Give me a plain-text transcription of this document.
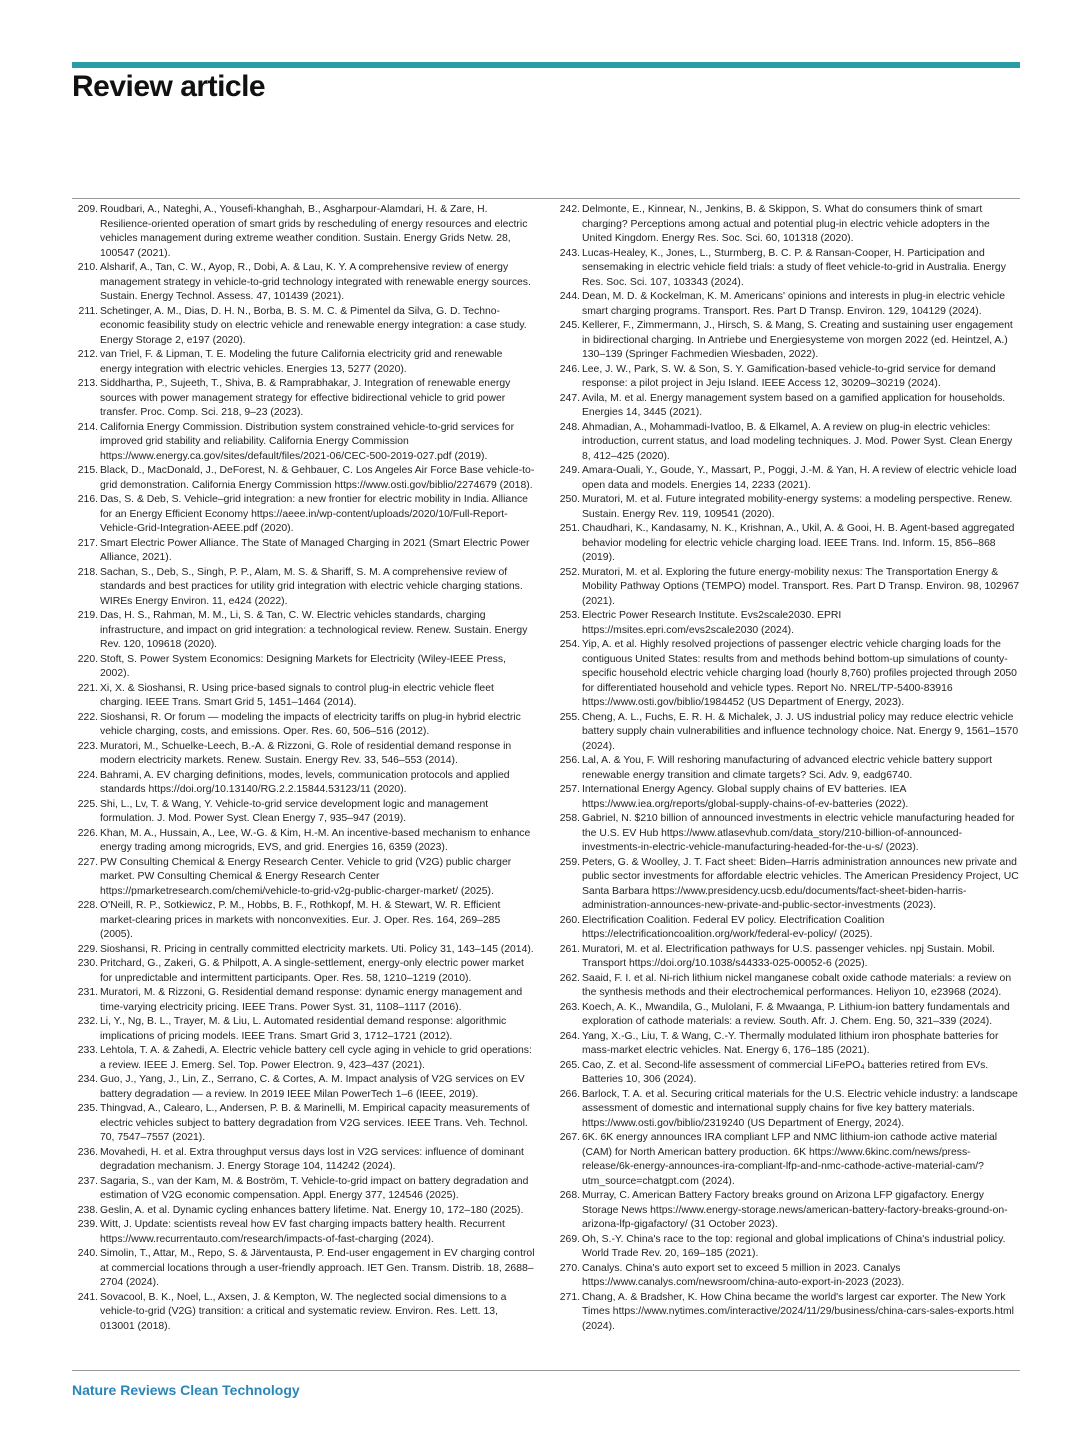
Review article
209. Roudbari, A., Nateghi, A., Yousefi-khanghah, B., Asgharpour-Alamdari, H. & Zare, H. Resilience-oriented operation of smart grids by rescheduling of energy resources and electric vehicles management during extreme weather condition. Sustain. Energy Grids Netw. 28, 100547 (2021).
210. Alsharif, A., Tan, C. W., Ayop, R., Dobi, A. & Lau, K. Y. A comprehensive review of energy management strategy in vehicle-to-grid technology integrated with renewable energy sources. Sustain. Energy Technol. Assess. 47, 101439 (2021).
211. Schetinger, A. M., Dias, D. H. N., Borba, B. S. M. C. & Pimentel da Silva, G. D. Techno-economic feasibility study on electric vehicle and renewable energy integration: a case study. Energy Storage 2, e197 (2020).
212. van Triel, F. & Lipman, T. E. Modeling the future California electricity grid and renewable energy integration with electric vehicles. Energies 13, 5277 (2020).
213. Siddhartha, P., Sujeeth, T., Shiva, B. & Ramprabhakar, J. Integration of renewable energy sources with power management strategy for effective bidirectional vehicle to grid power transfer. Proc. Comp. Sci. 218, 9–23 (2023).
214. California Energy Commission. Distribution system constrained vehicle-to-grid services for improved grid stability and reliability. California Energy Commission https://www.energy.ca.gov/sites/default/files/2021-06/CEC-500-2019-027.pdf (2019).
215. Black, D., MacDonald, J., DeForest, N. & Gehbauer, C. Los Angeles Air Force Base vehicle-to-grid demonstration. California Energy Commission https://www.osti.gov/biblio/2274679 (2018).
216. Das, S. & Deb, S. Vehicle–grid integration: a new frontier for electric mobility in India. Alliance for an Energy Efficient Economy https://aeee.in/wp-content/uploads/2020/10/Full-Report-Vehicle-Grid-Integration-AEEE.pdf (2020).
217. Smart Electric Power Alliance. The State of Managed Charging in 2021 (Smart Electric Power Alliance, 2021).
218. Sachan, S., Deb, S., Singh, P. P., Alam, M. S. & Shariff, S. M. A comprehensive review of standards and best practices for utility grid integration with electric vehicle charging stations. WIREs Energy Environ. 11, e424 (2022).
219. Das, H. S., Rahman, M. M., Li, S. & Tan, C. W. Electric vehicles standards, charging infrastructure, and impact on grid integration: a technological review. Renew. Sustain. Energy Rev. 120, 109618 (2020).
220. Stoft, S. Power System Economics: Designing Markets for Electricity (Wiley-IEEE Press, 2002).
221. Xi, X. & Sioshansi, R. Using price-based signals to control plug-in electric vehicle fleet charging. IEEE Trans. Smart Grid 5, 1451–1464 (2014).
222. Sioshansi, R. Or forum — modeling the impacts of electricity tariffs on plug-in hybrid electric vehicle charging, costs, and emissions. Oper. Res. 60, 506–516 (2012).
223. Muratori, M., Schuelke-Leech, B.-A. & Rizzoni, G. Role of residential demand response in modern electricity markets. Renew. Sustain. Energy Rev. 33, 546–553 (2014).
224. Bahrami, A. EV charging definitions, modes, levels, communication protocols and applied standards https://doi.org/10.13140/RG.2.2.15844.53123/11 (2020).
225. Shi, L., Lv, T. & Wang, Y. Vehicle-to-grid service development logic and management formulation. J. Mod. Power Syst. Clean Energy 7, 935–947 (2019).
226. Khan, M. A., Hussain, A., Lee, W.-G. & Kim, H.-M. An incentive-based mechanism to enhance energy trading among microgrids, EVS, and grid. Energies 16, 6359 (2023).
227. PW Consulting Chemical & Energy Research Center. Vehicle to grid (V2G) public charger market. PW Consulting Chemical & Energy Research Center https://pmarketresearch.com/chemi/vehicle-to-grid-v2g-public-charger-market/ (2025).
228. O'Neill, R. P., Sotkiewicz, P. M., Hobbs, B. F., Rothkopf, M. H. & Stewart, W. R. Efficient market-clearing prices in markets with nonconvexities. Eur. J. Oper. Res. 164, 269–285 (2005).
229. Sioshansi, R. Pricing in centrally committed electricity markets. Uti. Policy 31, 143–145 (2014).
230. Pritchard, G., Zakeri, G. & Philpott, A. A single-settlement, energy-only electric power market for unpredictable and intermittent participants. Oper. Res. 58, 1210–1219 (2010).
231. Muratori, M. & Rizzoni, G. Residential demand response: dynamic energy management and time-varying electricity pricing. IEEE Trans. Power Syst. 31, 1108–1117 (2016).
232. Li, Y., Ng, B. L., Trayer, M. & Liu, L. Automated residential demand response: algorithmic implications of pricing models. IEEE Trans. Smart Grid 3, 1712–1721 (2012).
233. Lehtola, T. A. & Zahedi, A. Electric vehicle battery cell cycle aging in vehicle to grid operations: a review. IEEE J. Emerg. Sel. Top. Power Electron. 9, 423–437 (2021).
234. Guo, J., Yang, J., Lin, Z., Serrano, C. & Cortes, A. M. Impact analysis of V2G services on EV battery degradation — a review. In 2019 IEEE Milan PowerTech 1–6 (IEEE, 2019).
235. Thingvad, A., Calearo, L., Andersen, P. B. & Marinelli, M. Empirical capacity measurements of electric vehicles subject to battery degradation from V2G services. IEEE Trans. Veh. Technol. 70, 7547–7557 (2021).
236. Movahedi, H. et al. Extra throughput versus days lost in V2G services: influence of dominant degradation mechanism. J. Energy Storage 104, 114242 (2024).
237. Sagaria, S., van der Kam, M. & Boström, T. Vehicle-to-grid impact on battery degradation and estimation of V2G economic compensation. Appl. Energy 377, 124546 (2025).
238. Geslin, A. et al. Dynamic cycling enhances battery lifetime. Nat. Energy 10, 172–180 (2025).
239. Witt, J. Update: scientists reveal how EV fast charging impacts battery health. Recurrent https://www.recurrentauto.com/research/impacts-of-fast-charging (2024).
240. Simolin, T., Attar, M., Repo, S. & Järventausta, P. End-user engagement in EV charging control at commercial locations through a user-friendly approach. IET Gen. Transm. Distrib. 18, 2688–2704 (2024).
241. Sovacool, B. K., Noel, L., Axsen, J. & Kempton, W. The neglected social dimensions to a vehicle-to-grid (V2G) transition: a critical and systematic review. Environ. Res. Lett. 13, 013001 (2018).
242. Delmonte, E., Kinnear, N., Jenkins, B. & Skippon, S. What do consumers think of smart charging? Perceptions among actual and potential plug-in electric vehicle adopters in the United Kingdom. Energy Res. Soc. Sci. 60, 101318 (2020).
243. Lucas-Healey, K., Jones, L., Sturmberg, B. C. P. & Ransan-Cooper, H. Participation and sensemaking in electric vehicle field trials: a study of fleet vehicle-to-grid in Australia. Energy Res. Soc. Sci. 107, 103343 (2024).
244. Dean, M. D. & Kockelman, K. M. Americans' opinions and interests in plug-in electric vehicle smart charging programs. Transport. Res. Part D Transp. Environ. 129, 104129 (2024).
245. Kellerer, F., Zimmermann, J., Hirsch, S. & Mang, S. Creating and sustaining user engagement in bidirectional charging. In Antriebe und Energiesysteme von morgen 2022 (ed. Heintzel, A.) 130–139 (Springer Fachmedien Wiesbaden, 2022).
246. Lee, J. W., Park, S. W. & Son, S. Y. Gamification-based vehicle-to-grid service for demand response: a pilot project in Jeju Island. IEEE Access 12, 30209–30219 (2024).
247. Avila, M. et al. Energy management system based on a gamified application for households. Energies 14, 3445 (2021).
248. Ahmadian, A., Mohammadi-Ivatloo, B. & Elkamel, A. A review on plug-in electric vehicles: introduction, current status, and load modeling techniques. J. Mod. Power Syst. Clean Energy 8, 412–425 (2020).
249. Amara-Ouali, Y., Goude, Y., Massart, P., Poggi, J.-M. & Yan, H. A review of electric vehicle load open data and models. Energies 14, 2233 (2021).
250. Muratori, M. et al. Future integrated mobility-energy systems: a modeling perspective. Renew. Sustain. Energy Rev. 119, 109541 (2020).
251. Chaudhari, K., Kandasamy, N. K., Krishnan, A., Ukil, A. & Gooi, H. B. Agent-based aggregated behavior modeling for electric vehicle charging load. IEEE Trans. Ind. Inform. 15, 856–868 (2019).
252. Muratori, M. et al. Exploring the future energy-mobility nexus: The Transportation Energy & Mobility Pathway Options (TEMPO) model. Transport. Res. Part D Transp. Environ. 98, 102967 (2021).
253. Electric Power Research Institute. Evs2scale2030. EPRI https://msites.epri.com/evs2scale2030 (2024).
254. Yip, A. et al. Highly resolved projections of passenger electric vehicle charging loads for the contiguous United States: results from and methods behind bottom-up simulations of county-specific household electric vehicle charging load (hourly 8,760) profiles projected through 2050 for differentiated household and vehicle types. Report No. NREL/TP-5400-83916 https://www.osti.gov/biblio/1984452 (US Department of Energy, 2023).
255. Cheng, A. L., Fuchs, E. R. H. & Michalek, J. J. US industrial policy may reduce electric vehicle battery supply chain vulnerabilities and influence technology choice. Nat. Energy 9, 1561–1570 (2024).
256. Lal, A. & You, F. Will reshoring manufacturing of advanced electric vehicle battery support renewable energy transition and climate targets? Sci. Adv. 9, eadg6740.
257. International Energy Agency. Global supply chains of EV batteries. IEA https://www.iea.org/reports/global-supply-chains-of-ev-batteries (2022).
258. Gabriel, N. $210 billion of announced investments in electric vehicle manufacturing headed for the U.S. EV Hub https://www.atlasevhub.com/data_story/210-billion-of-announced-investments-in-electric-vehicle-manufacturing-headed-for-the-u-s/ (2023).
259. Peters, G. & Woolley, J. T. Fact sheet: Biden–Harris administration announces new private and public sector investments for affordable electric vehicles. The American Presidency Project, UC Santa Barbara https://www.presidency.ucsb.edu/documents/fact-sheet-biden-harris-administration-announces-new-private-and-public-sector-investments (2023).
260. Electrification Coalition. Federal EV policy. Electrification Coalition https://electrificationcoalition.org/work/federal-ev-policy/ (2025).
261. Muratori, M. et al. Electrification pathways for U.S. passenger vehicles. npj Sustain. Mobil. Transport https://doi.org/10.1038/s44333-025-00052-6 (2025).
262. Saaid, F. I. et al. Ni-rich lithium nickel manganese cobalt oxide cathode materials: a review on the synthesis methods and their electrochemical performances. Heliyon 10, e23968 (2024).
263. Koech, A. K., Mwandila, G., Mulolani, F. & Mwaanga, P. Lithium-ion battery fundamentals and exploration of cathode materials: a review. South. Afr. J. Chem. Eng. 50, 321–339 (2024).
264. Yang, X.-G., Liu, T. & Wang, C.-Y. Thermally modulated lithium iron phosphate batteries for mass-market electric vehicles. Nat. Energy 6, 176–185 (2021).
265. Cao, Z. et al. Second-life assessment of commercial LiFePO₄ batteries retired from EVs. Batteries 10, 306 (2024).
266. Barlock, T. A. et al. Securing critical materials for the U.S. Electric vehicle industry: a landscape assessment of domestic and international supply chains for five key battery materials. https://www.osti.gov/biblio/2319240 (US Department of Energy, 2024).
267. 6K. 6K energy announces IRA compliant LFP and NMC lithium-ion cathode active material (CAM) for North American battery production. 6K https://www.6kinc.com/news/press-release/6k-energy-announces-ira-compliant-lfp-and-nmc-cathode-active-material-cam/?utm_source=chatgpt.com (2024).
268. Murray, C. American Battery Factory breaks ground on Arizona LFP gigafactory. Energy Storage News https://www.energy-storage.news/american-battery-factory-breaks-ground-on-arizona-lfp-gigafactory/ (31 October 2023).
269. Oh, S.-Y. China's race to the top: regional and global implications of China's industrial policy. World Trade Rev. 20, 169–185 (2021).
270. Canalys. China's auto export set to exceed 5 million in 2023. Canalys https://www.canalys.com/newsroom/china-auto-export-in-2023 (2023).
271. Chang, A. & Bradsher, K. How China became the world's largest car exporter. The New York Times https://www.nytimes.com/interactive/2024/11/29/business/china-cars-sales-exports.html (2024).
Nature Reviews Clean Technology
